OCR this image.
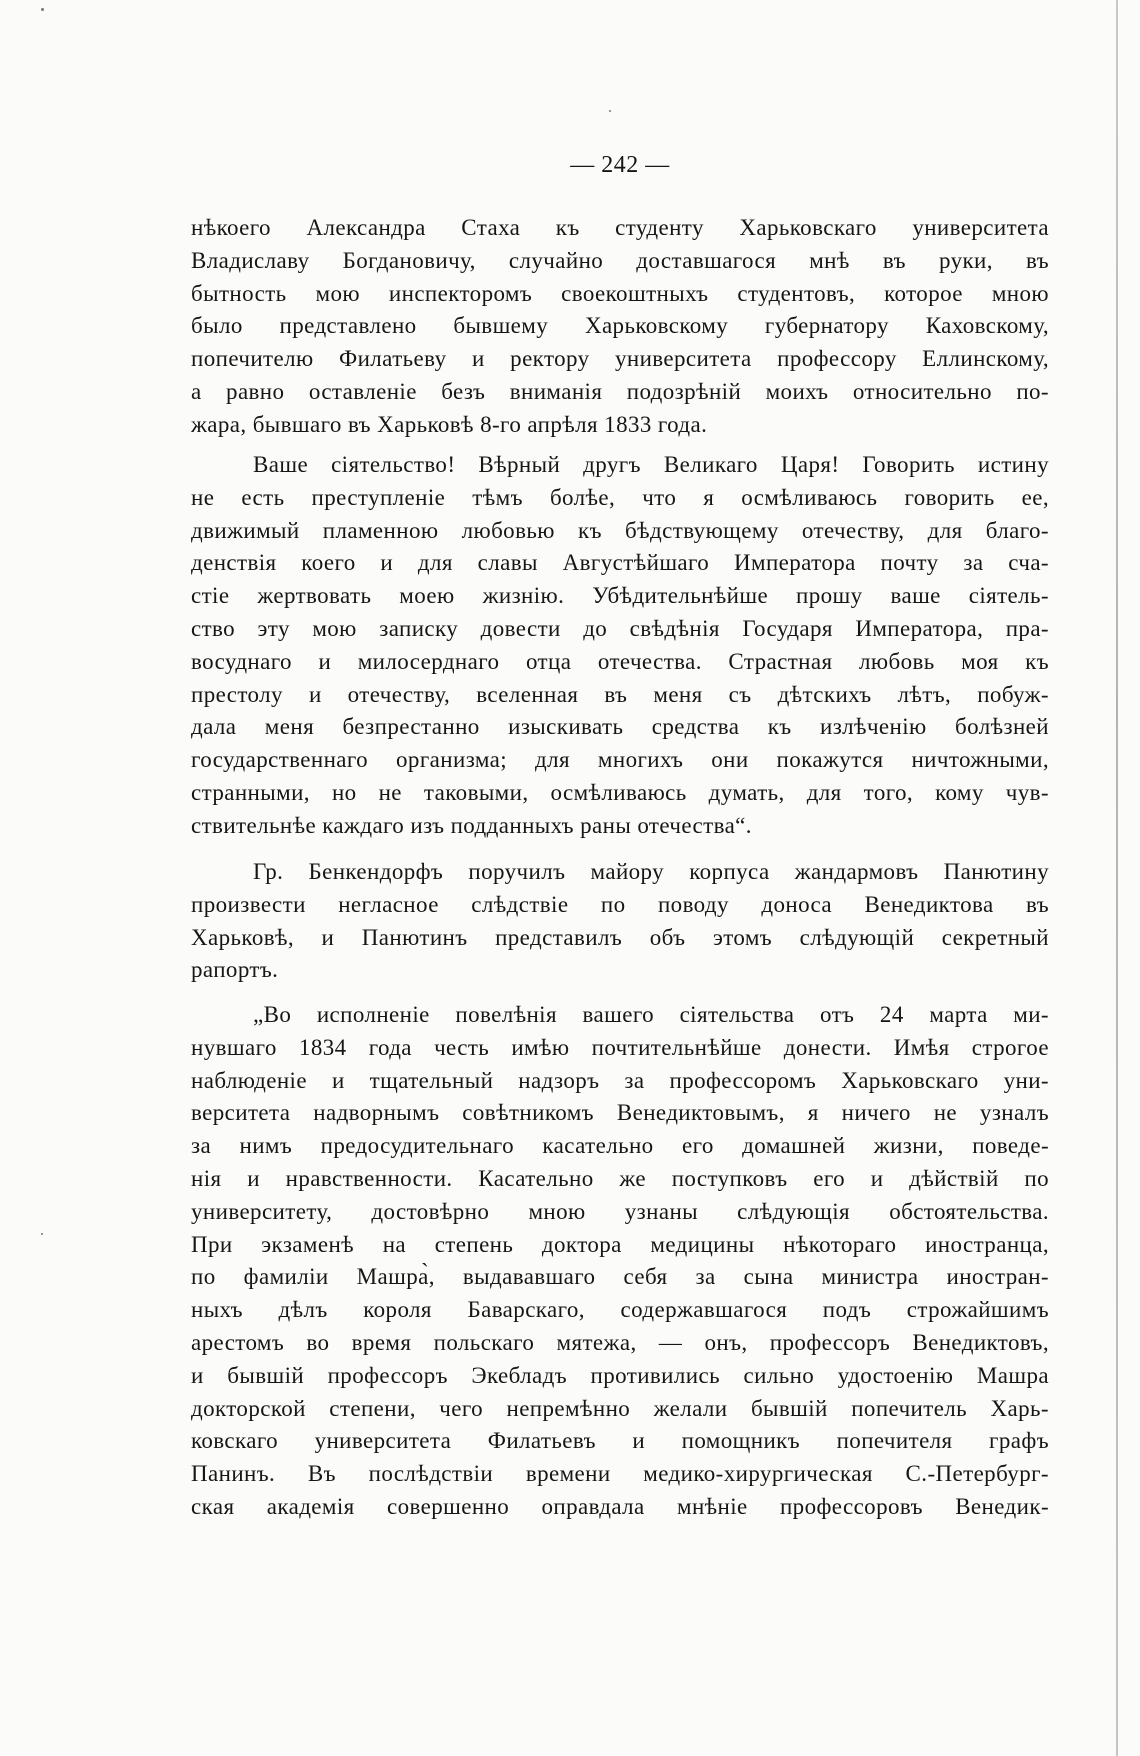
— 242 —
нѣкоего Александра Стаха къ студенту Харьковскаго университета
Владиславу Богдановичу, случайно доставшагося мнѣ въ руки, въ
бытность мою инспекторомъ своекоштныхъ студентовъ, которое мною
было представлено бывшему Харьковскому губернатору Каховскому,
попечителю Филатьеву и ректору университета профессору Еллинскому,
а равно оставленіе безъ вниманія подозрѣній моихъ относительно по-
жара, бывшаго въ Харьковѣ 8-го апрѣля 1833 года.
Ваше сіятельство! Вѣрный другъ Великаго Царя! Говорить истину
не есть преступленіе тѣмъ болѣе, что я осмѣливаюсь говорить ее,
движимый пламенною любовью къ бѣдствующему отечеству, для благо-
денствія коего и для славы Августѣйшаго Императора почту за сча-
стіе жертвовать моею жизнію. Убѣдительнѣйше прошу ваше сіятель-
ство эту мою записку довести до свѣдѣнія Государя Императора, пра-
восуднаго и милосерднаго отца отечества. Страстная любовь моя къ
престолу и отечеству, вселенная въ меня съ дѣтскихъ лѣтъ, побуж-
дала меня безпрестанно изыскивать средства къ излѣченію болѣзней
государственнаго организма; для многихъ они покажутся ничтожными,
странными, но не таковыми, осмѣливаюсь думать, для того, кому чув-
ствительнѣе каждаго изъ подданныхъ раны отечества“.
Гр. Бенкендорфъ поручилъ майору корпуса жандармовъ Панютину
произвести негласное слѣдствіе по поводу доноса Венедиктова въ
Харьковѣ, и Панютинъ представилъ объ этомъ слѣдующій секретный
рапортъ.
„Во исполненіе повелѣнія вашего сіятельства отъ 24 марта ми-
нувшаго 1834 года честь имѣю почтительнѣйше донести. Имѣя строгое
наблюденіе и тщательный надзоръ за профессоромъ Харьковскаго уни-
верситета надворнымъ совѣтникомъ Венедиктовымъ, я ничего не узналъ
за нимъ предосудительнаго касательно его домашней жизни, поведе-
нія и нравственности. Касательно же поступковъ его и дѣйствій по
университету, достовѣрно мною узнаны слѣдующія обстоятельства.
При экзаменѣ на степень доктора медицины нѣкотораго иностранца,
по фамиліи Машра̀, выдававшаго себя за сына министра иностран-
ныхъ дѣлъ короля Баварскаго, содержавшагося подъ строжайшимъ
арестомъ во время польскаго мятежа, — онъ, профессоръ Венедиктовъ,
и бывшій профессоръ Экебладъ противились сильно удостоенію Машра
докторской степени, чего непремѣнно желали бывшій попечитель Харь-
ковскаго университета Филатьевъ и помощникъ попечителя графъ
Панинъ. Въ послѣдствіи времени медико-хирургическая С.-Петербург-
ская академія совершенно оправдала мнѣніе профессоровъ Венедик-
